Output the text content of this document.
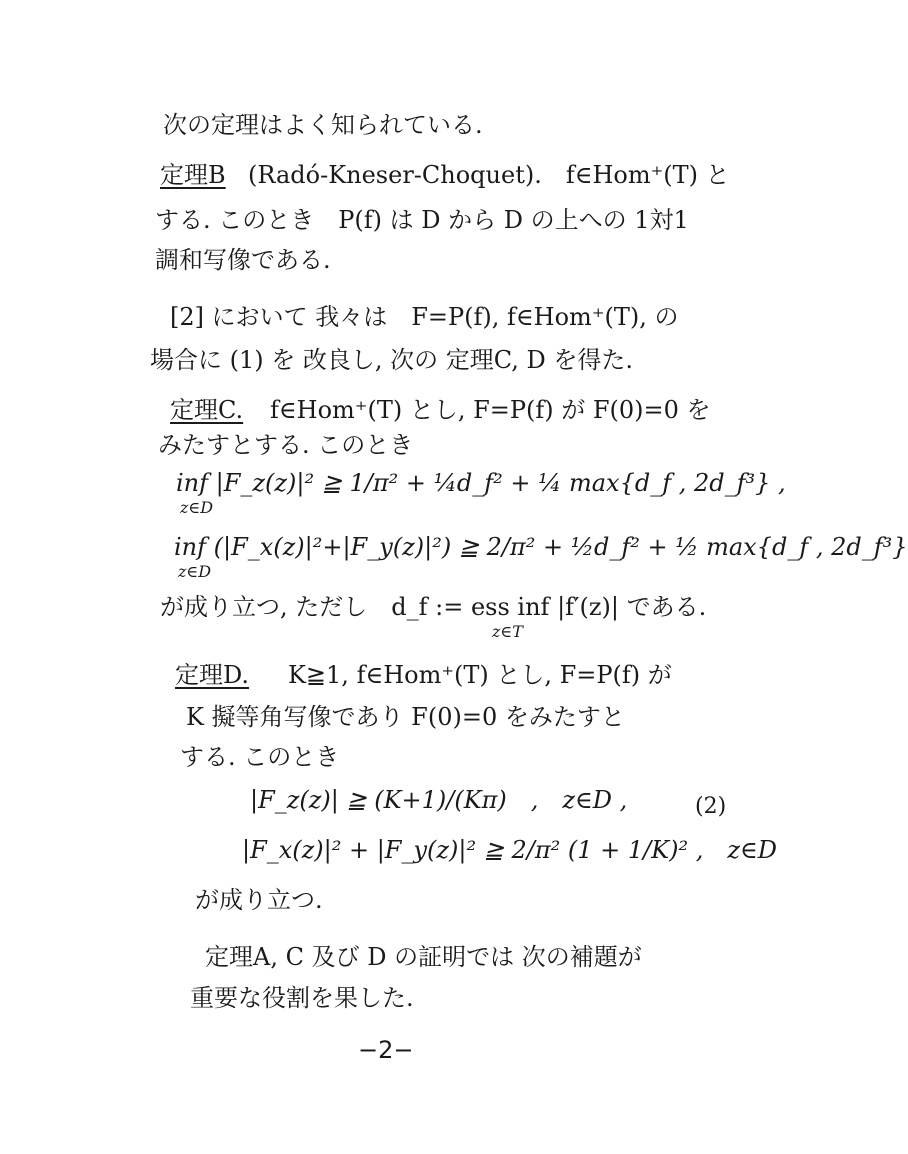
次の定理はよく知られている.
定理B (Radó-Kneser-Choquet).　f∈Hom⁺(T) と
する. このとき　P(f) は D から D の上への 1対1
調和写像である.
[2] において 我々は　F=P(f), f∈Hom⁺(T), の
場合に (1) を 改良し, 次の 定理C, D を得た.
定理C. f∈Hom⁺(T) とし, F=P(f) が F(0)=0 を
みたすとする. このとき
inf |F_z(z)|² ≧ 1/π² + ¼d_f² + ¼ max{d_f , 2d_f³} ,
z∈D
inf (|F_x(z)|²+|F_y(z)|²) ≧ 2/π² + ½d_f² + ½ max{d_f , 2d_f³}
z∈D
が成り立つ, ただし　d_f := ess inf |f′(z)| である.
z∈T
定理D. K≧1, f∈Hom⁺(T) とし, F=P(f) が
K 擬等角写像であり F(0)=0 をみたすと
する. このとき
|F_z(z)| ≧ (K+1)/(Kπ)　,　z∈D ,	(2)
|F_x(z)|² + |F_y(z)|² ≧ 2/π² (1 + 1/K)² ,　z∈D
が成り立つ.
定理A, C 及び D の証明では 次の補題が
重要な役割を果した.
−2−
